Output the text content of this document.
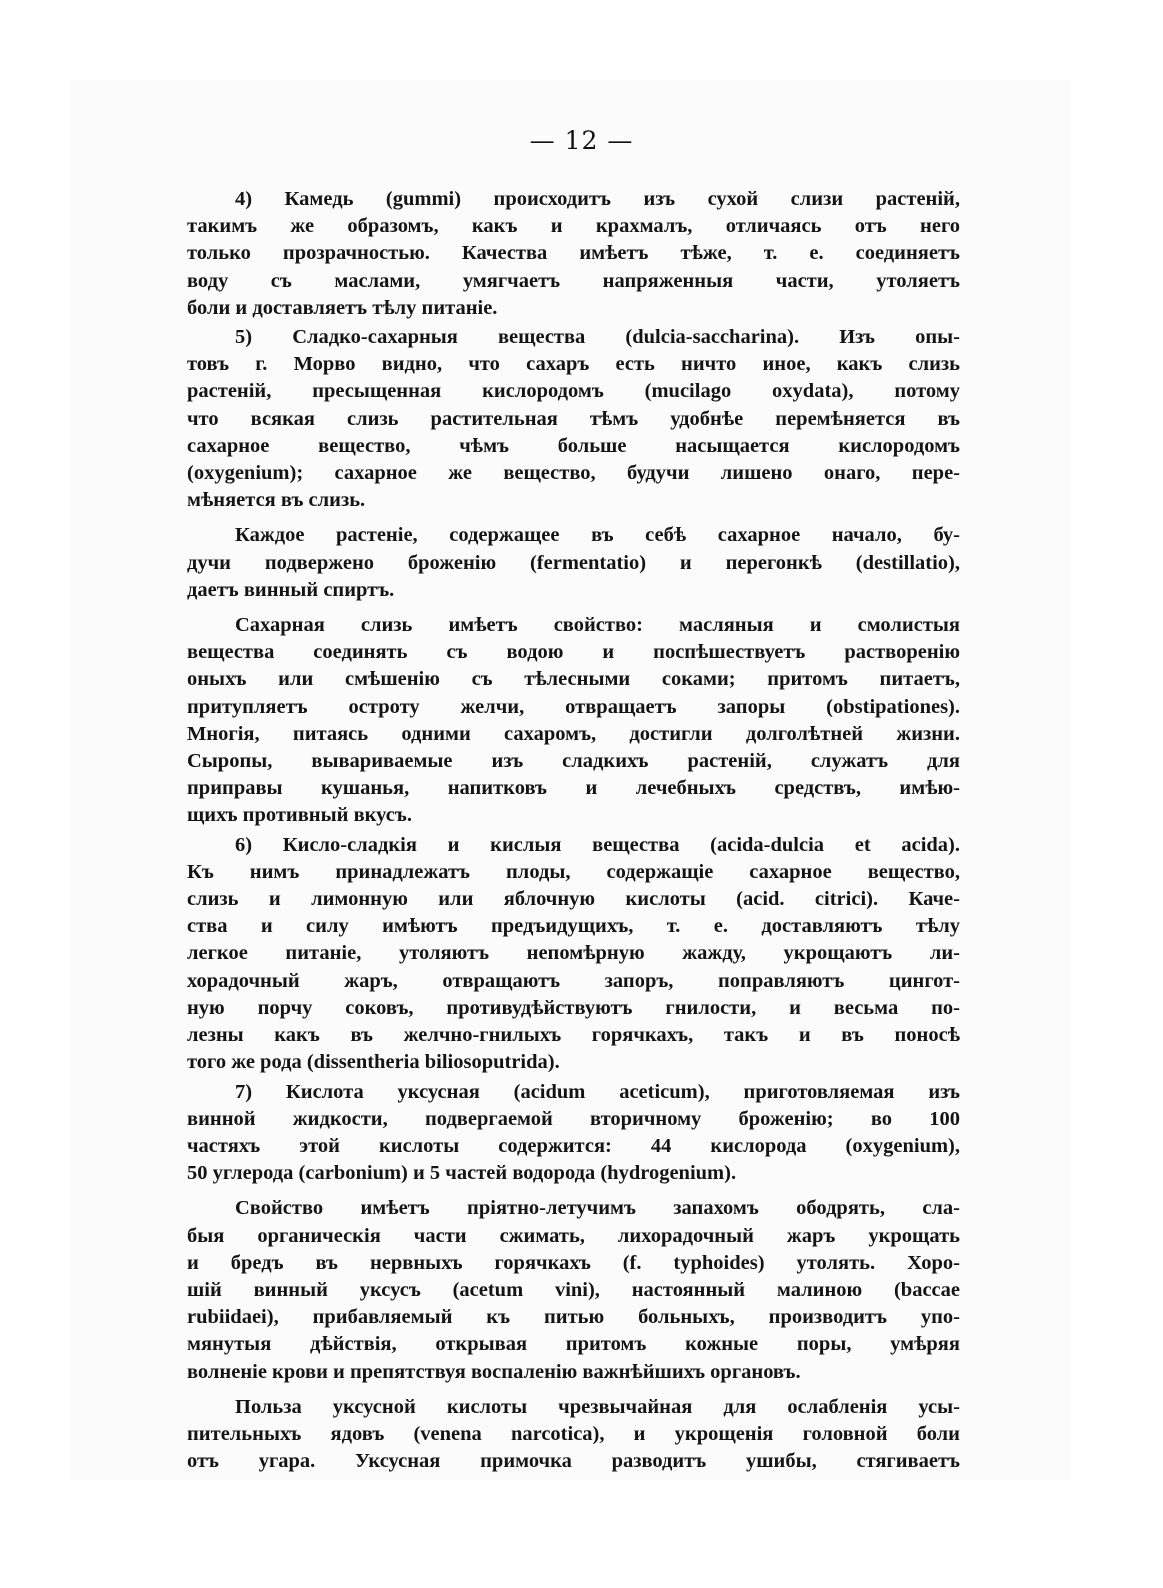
— 12 —
4) Камедь (gummi) происходитъ изъ сухой слизи растеній,
такимъ же образомъ, какъ и крахмалъ, отличаясь отъ него
только прозрачностью. Качества имѣетъ тѣже, т. е. соединяетъ
воду съ маслами, умягчаетъ напряженныя части, утоляетъ
боли и доставляетъ тѣлу питаніе.
5) Сладко-сахарныя вещества (dulcia-saccharina). Изъ опы-
товъ г. Морво видно, что сахаръ есть ничто иное, какъ слизь
растеній, пресыщенная кислородомъ (mucilago oxydata), потому
что всякая слизь растительная тѣмъ удобнѣе перемѣняется въ
сахарное вещество, чѣмъ больше насыщается кислородомъ
(oxygenium); сахарное же вещество, будучи лишено онаго, пере-
мѣняется въ слизь.
Каждое растеніе, содержащее въ себѣ сахарное начало, бу-
дучи подвержено броженію (fermentatio) и перегонкѣ (destillatio),
даетъ винный спиртъ.
Сахарная слизь имѣетъ свойство: масляныя и смолистыя
вещества соединять съ водою и поспѣшествуетъ растворенію
оныхъ или смѣшенію съ тѣлесными соками; притомъ питаетъ,
притупляетъ остроту желчи, отвращаетъ запоры (obstipationes).
Многія, питаясь одними сахаромъ, достигли долголѣтней жизни.
Сыропы, вывариваемые изъ сладкихъ растеній, служатъ для
приправы кушанья, напитковъ и лечебныхъ средствъ, имѣю-
щихъ противный вкусъ.
6) Кисло-сладкія и кислыя вещества (acida-dulcia et acida).
Къ нимъ принадлежатъ плоды, содержащіе сахарное вещество,
слизь и лимонную или яблочную кислоты (acid. citrici). Каче-
ства и силу имѣютъ предъидущихъ, т. е. доставляютъ тѣлу
легкое питаніе, утоляютъ непомѣрную жажду, укрощаютъ ли-
хорадочный жаръ, отвращаютъ запоръ, поправляютъ цингот-
ную порчу соковъ, противудѣйствуютъ гнилости, и весьма по-
лезны какъ въ желчно-гнилыхъ горячкахъ, такъ и въ поносѣ
того же рода (dissentheria biliosoputrida).
7) Кислота уксусная (acidum aceticum), приготовляемая изъ
винной жидкости, подвергаемой вторичному броженію; во 100
частяхъ этой кислоты содержится: 44 кислорода (oxygenium),
50 углерода (carbonium) и 5 частей водорода (hydrogenium).
Свойство имѣетъ пріятно-летучимъ запахомъ ободрять, сла-
быя органическія части сжимать, лихорадочный жаръ укрощать
и бредъ въ нервныхъ горячкахъ (f. typhoides) утолять. Хоро-
шій винный уксусъ (acetum vini), настоянный малиною (baccae
rubiidaei), прибавляемый къ питью больныхъ, производитъ упо-
мянутыя дѣйствія, открывая притомъ кожные поры, умѣряя
волненіе крови и препятствуя воспаленію важнѣйшихъ органовъ.
Польза уксусной кислоты чрезвычайная для ослабленія усы-
пительныхъ ядовъ (venena narcotica), и укрощенія головной боли
отъ угара. Уксусная примочка разводитъ ушибы, стягиваетъ
